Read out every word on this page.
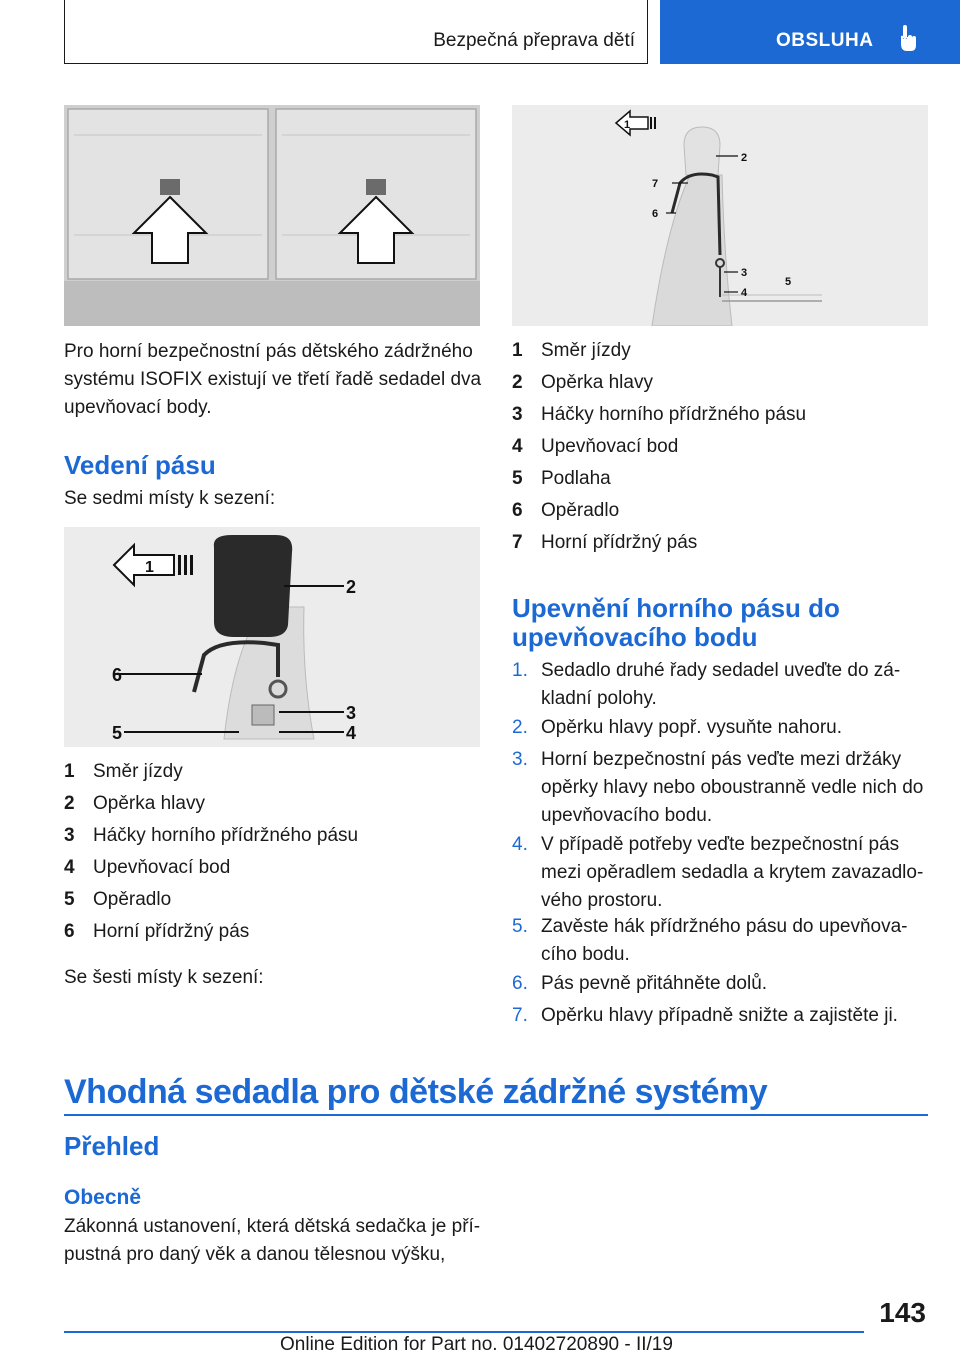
Bezpečná přeprava dětí	OBSLUHA
Pro horní bezpečnostní pás dětského zádržného systému ISOFIX existují ve třetí řadě sedadel dva upevňovací body.
Vedení pásu
Se sedmi místy k sezení:
1
2
3
4
5
6
1 Směr jízdy
2 Opěrka hlavy
3 Háčky horního přídržného pásu
4 Upevňovací bod
5 Opěradlo
6 Horní přídržný pás
Se šesti místy k sezení:
1
2
3
4
5
6
7
1 Směr jízdy
2 Opěrka hlavy
3 Háčky horního přídržného pásu
4 Upevňovací bod
5 Podlaha
6 Opěradlo
7 Horní přídržný pás
Upevnění horního pásu do
upevňovacího bodu
1. Sedadlo druhé řady sedadel uveďte do zá‐ kladní polohy.
2. Opěrku hlavy popř. vysuňte nahoru.
3. Horní bezpečnostní pás veďte mezi držáky opěrky hlavy nebo oboustranně vedle nich do upevňovacího bodu.
4. V případě potřeby veďte bezpečnostní pás mezi opěradlem sedadla a krytem zavazadlo‐ vého prostoru.
5. Zavěste hák přídržného pásu do upevňova‐ cího bodu.
6. Pás pevně přitáhněte dolů.
7. Opěrku hlavy případně snižte a zajistěte ji.
Vhodná sedadla pro dětské zádržné systémy
Přehled
Obecně
Zákonná ustanovení, která dětská sedačka je pří‐ pustná pro daný věk a danou tělesnou výšku,
143
Online Edition for Part no. 01402720890 - II/19
